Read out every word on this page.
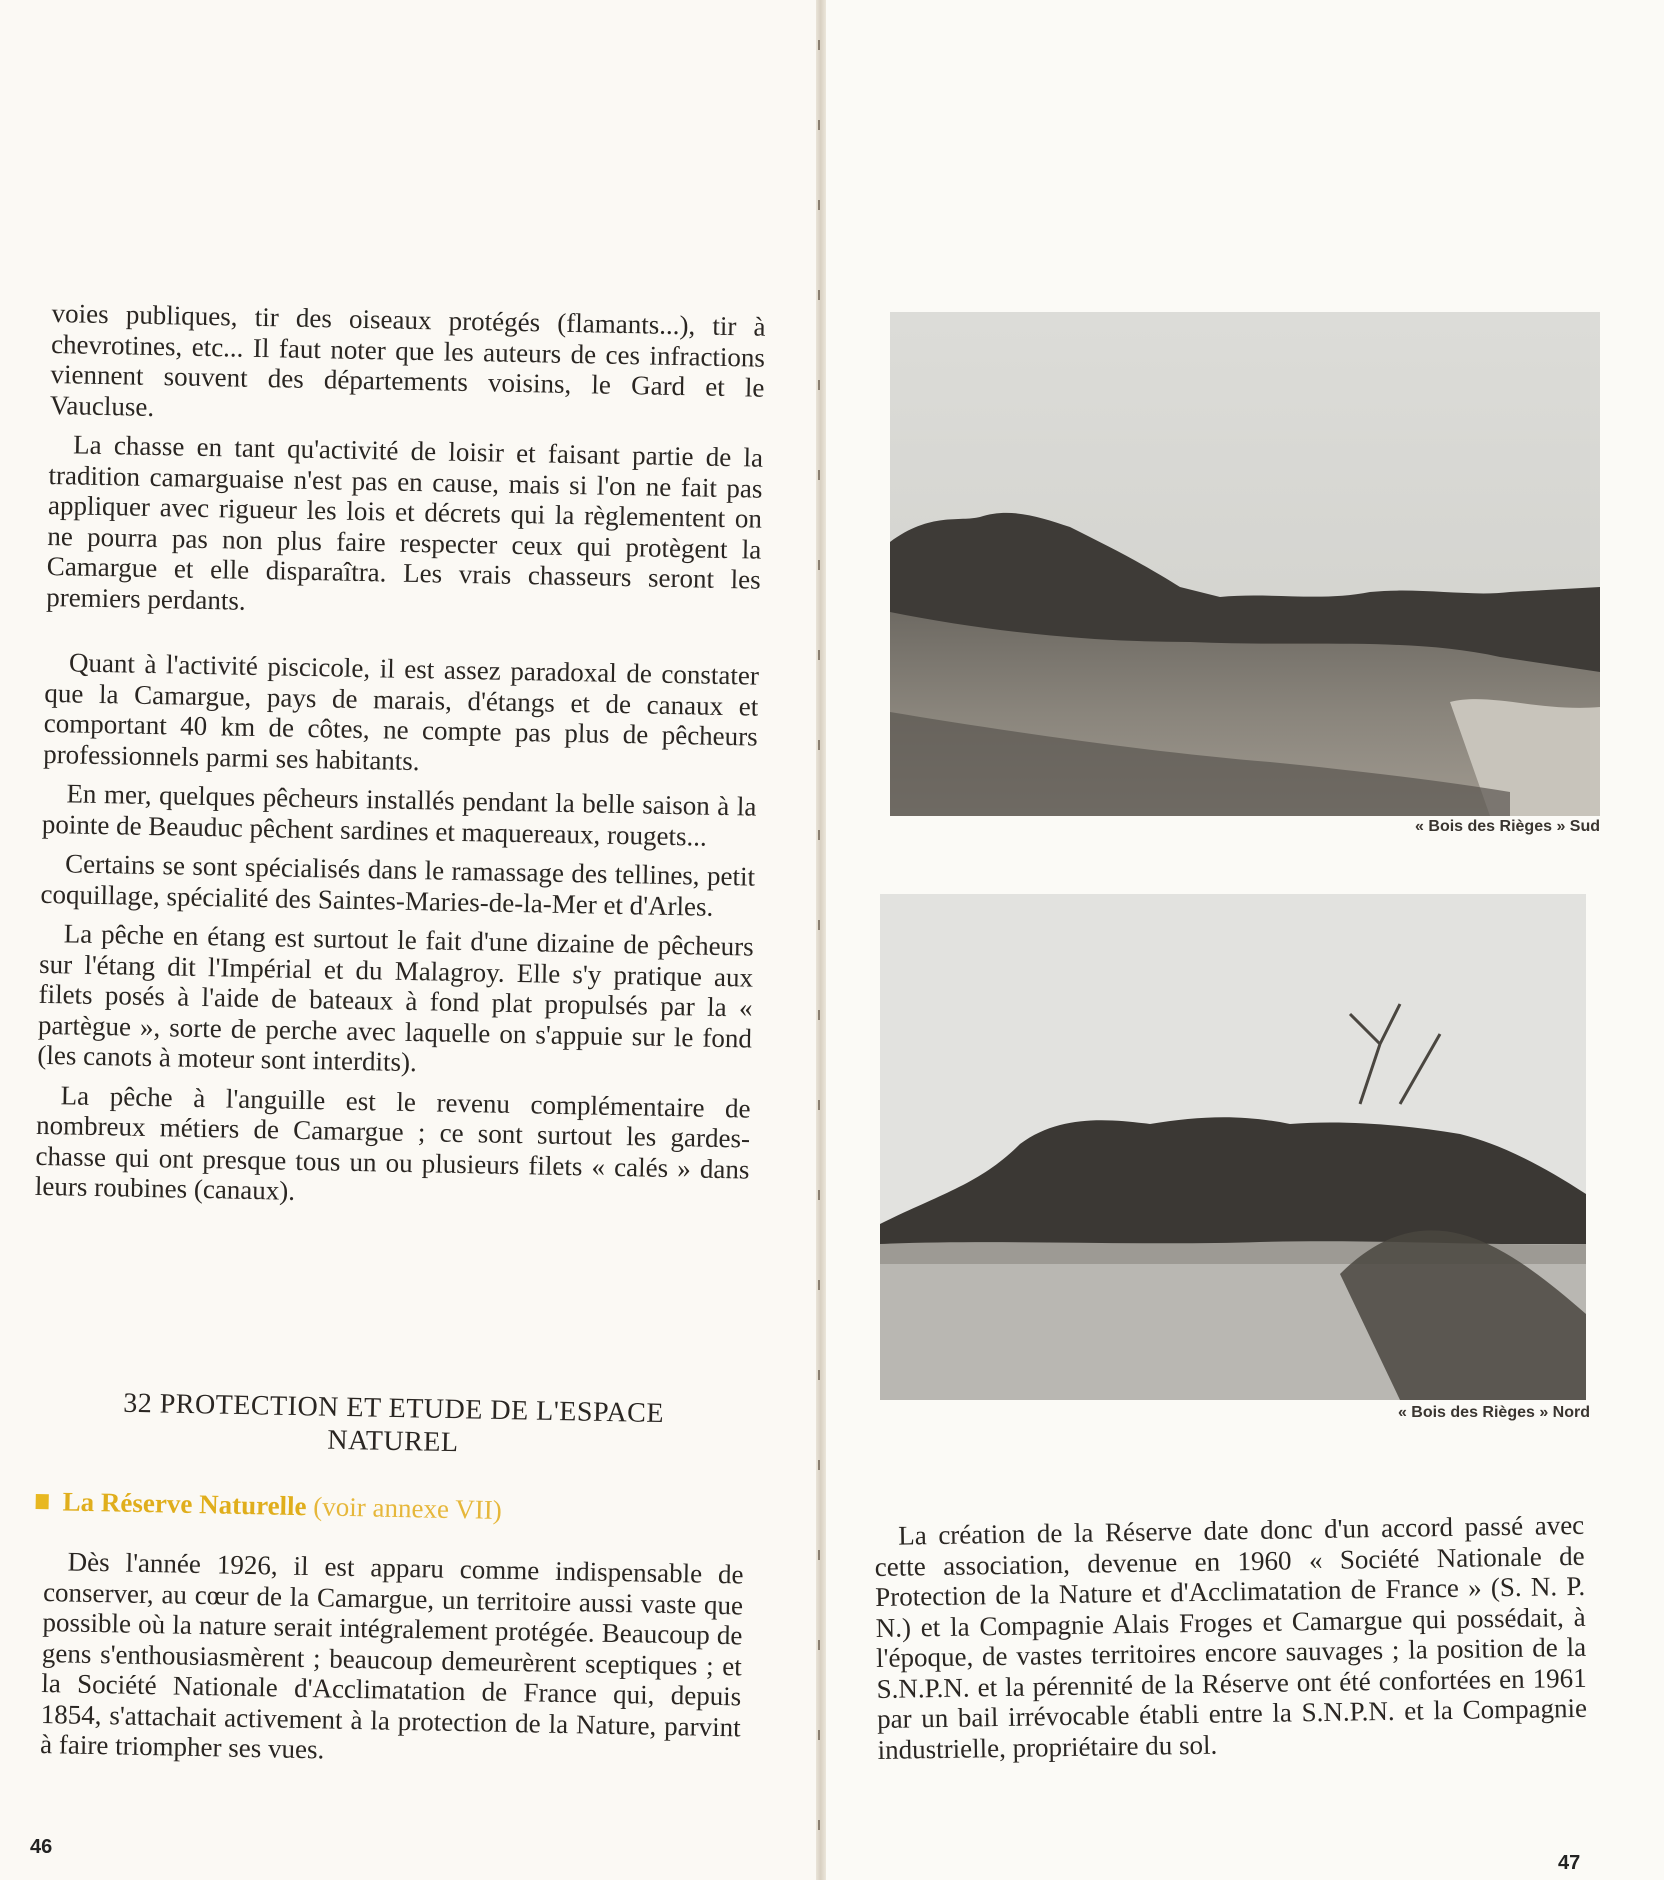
voies publiques, tir des oiseaux protégés (flamants...), tir à chevrotines, etc... Il faut noter que les auteurs de ces infractions viennent souvent des départements voisins, le Gard et le Vaucluse.

La chasse en tant qu'activité de loisir et faisant partie de la tradition camarguaise n'est pas en cause, mais si l'on ne fait pas appliquer avec rigueur les lois et décrets qui la règlementent on ne pourra pas non plus faire respecter ceux qui protègent la Camargue et elle disparaîtra. Les vrais chasseurs seront les premiers perdants.

Quant à l'activité piscicole, il est assez paradoxal de constater que la Camargue, pays de marais, d'étangs et de canaux et comportant 40 km de côtes, ne compte pas plus de pêcheurs professionnels parmi ses habitants.

En mer, quelques pêcheurs installés pendant la belle saison à la pointe de Beauduc pêchent sardines et maquereaux, rougets...

Certains se sont spécialisés dans le ramassage des tellines, petit coquillage, spécialité des Saintes-Maries-de-la-Mer et d'Arles.

La pêche en étang est surtout le fait d'une dizaine de pêcheurs sur l'étang dit l'Impérial et du Malagroy. Elle s'y pratique aux filets posés à l'aide de bateaux à fond plat propulsés par la « partègue », sorte de perche avec laquelle on s'appuie sur le fond (les canots à moteur sont interdits).

La pêche à l'anguille est le revenu complémentaire de nombreux métiers de Camargue ; ce sont surtout les gardes-chasse qui ont presque tous un ou plusieurs filets « calés » dans leurs roubines (canaux).

32 PROTECTION ET ETUDE DE L'ESPACE NATUREL
La Réserve Naturelle (voir annexe VII)

Dès l'année 1926, il est apparu comme indispensable de conserver, au cœur de la Camargue, un territoire aussi vaste que possible où la nature serait intégralement protégée. Beaucoup de gens s'enthousiasmèrent ; beaucoup demeurèrent sceptiques ; et la Société Nationale d'Acclimatation de France qui, depuis 1854, s'attachait activement à la protection de la Nature, parvint à faire triompher ses vues.

46
« Bois des Rièges » Sud
« Bois des Rièges » Nord

La création de la Réserve date donc d'un accord passé avec cette association, devenue en 1960 « Société Nationale de Protection de la Nature et d'Acclimatation de France » (S. N. P. N.) et la Compagnie Alais Froges et Camargue qui possédait, à l'époque, de vastes territoires encore sauvages ; la position de la S.N.P.N. et la pérennité de la Réserve ont été confortées en 1961 par un bail irrévocable établi entre la S.N.P.N. et la Compagnie industrielle, propriétaire du sol.

47
